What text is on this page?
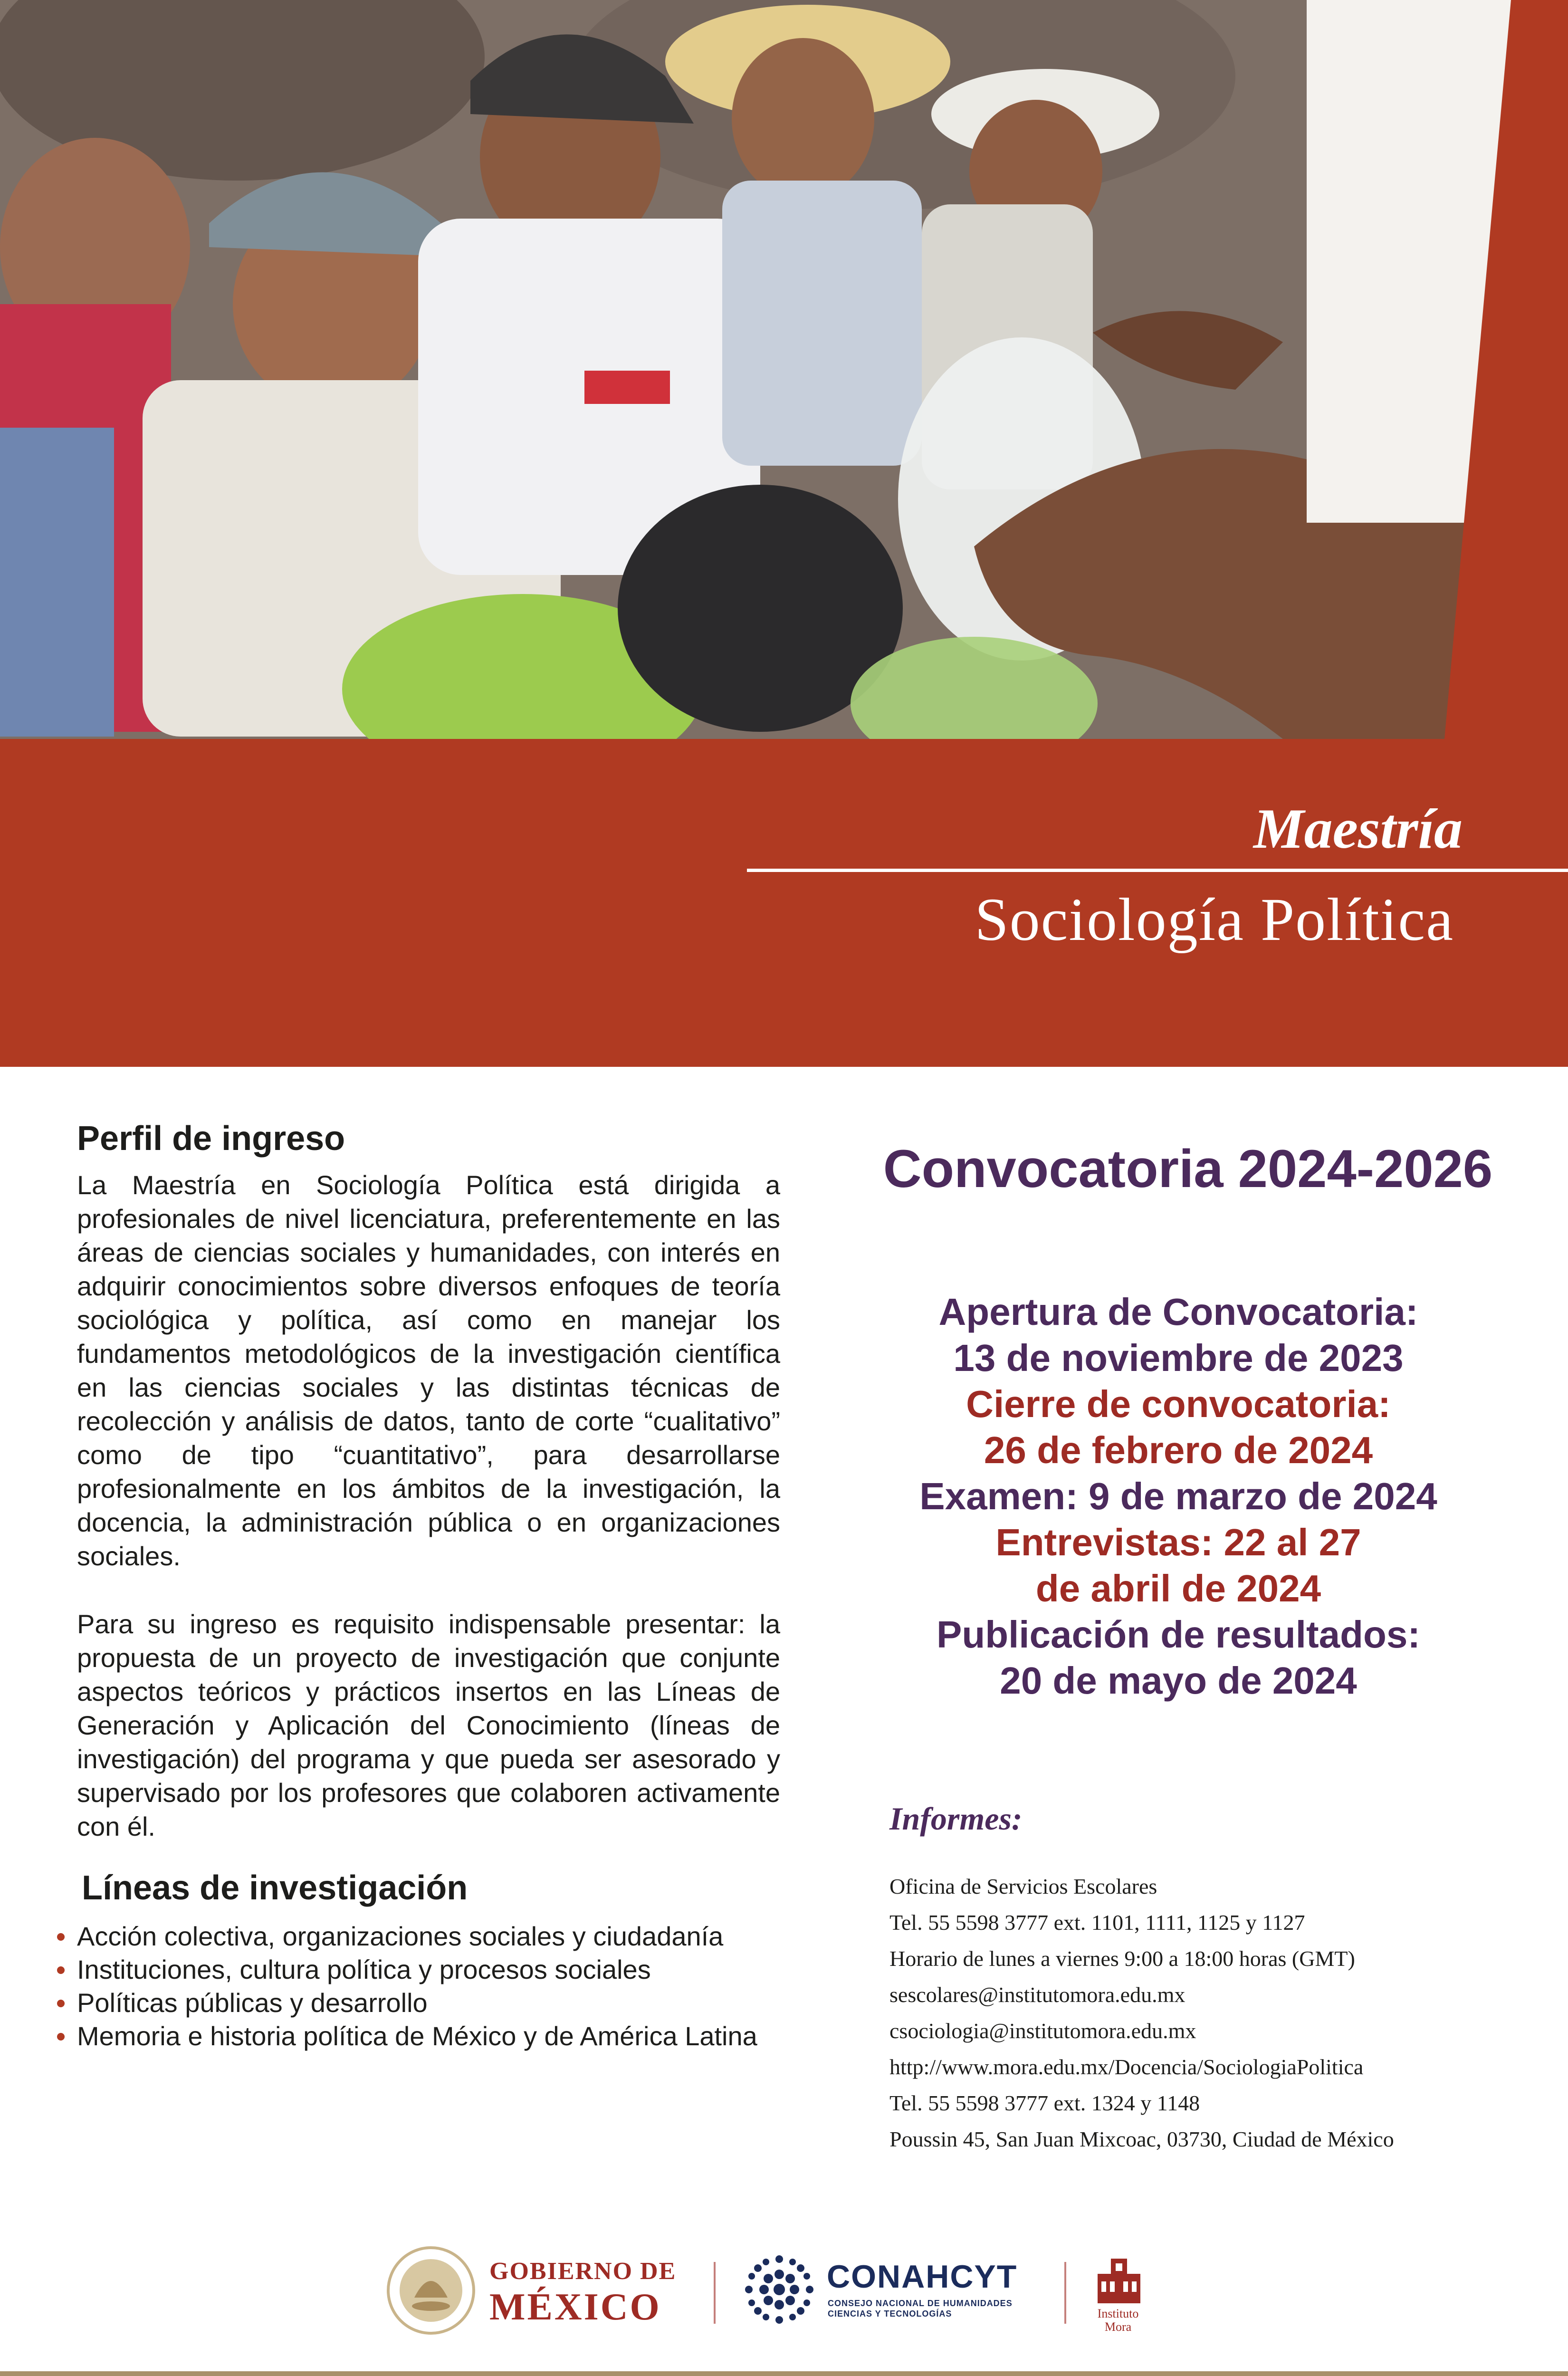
Maestría
Sociología Política
Perfil de ingreso
La Maestría en Sociología Política está dirigida a profesionales de nivel licenciatura, preferentemente en las áreas de ciencias sociales y humanidades, con interés en adquirir conocimientos sobre diversos enfoques de teoría sociológica y política, así como en manejar los fundamentos metodológicos de la investigación científica en las ciencias sociales y las distintas técnicas de recolección y análisis de datos, tanto de corte “cualitativo” como de tipo “cuantitativo”, para desarrollarse profesionalmente en los ámbitos de la investigación, la docencia, la administración pública o en organizaciones sociales.
Para su ingreso es requisito indispensable presentar: la propuesta de un proyecto de investigación que conjunte aspectos teóricos y prácticos insertos en las Líneas de Generación y Aplicación del Conocimiento (líneas de investigación) del programa y que pueda ser asesorado y supervisado por los profesores que colaboren activamente con él.
Líneas de investigación
Acción colectiva, organizaciones sociales y ciudadanía
Instituciones, cultura política y procesos sociales
Políticas públicas y desarrollo
Memoria e historia política de México y de América Latina
Convocatoria 2024-2026
Apertura de Convocatoria:
13 de noviembre de 2023
Cierre de convocatoria:
26 de febrero de 2024
Examen: 9 de marzo de 2024
Entrevistas: 22 al 27
de abril de 2024
Publicación de resultados:
20 de mayo de 2024
Informes:
Oficina de Servicios Escolares
Tel. 55 5598 3777 ext. 1101, 1111, 1125 y 1127
Horario de lunes a viernes 9:00 a 18:00 horas (GMT)
sescolares@institutomora.edu.mx
csociologia@institutomora.edu.mx
http://www.mora.edu.mx/Docencia/SociologiaPolitica
Tel. 55 5598 3777 ext. 1324 y 1148
Poussin 45, San Juan Mixcoac, 03730, Ciudad de México
GOBIERNO DE
MÉXICO
CONAHCYT
CONSEJO NACIONAL DE HUMANIDADES
CIENCIAS Y TECNOLOGÍAS	Instituto
Mora
